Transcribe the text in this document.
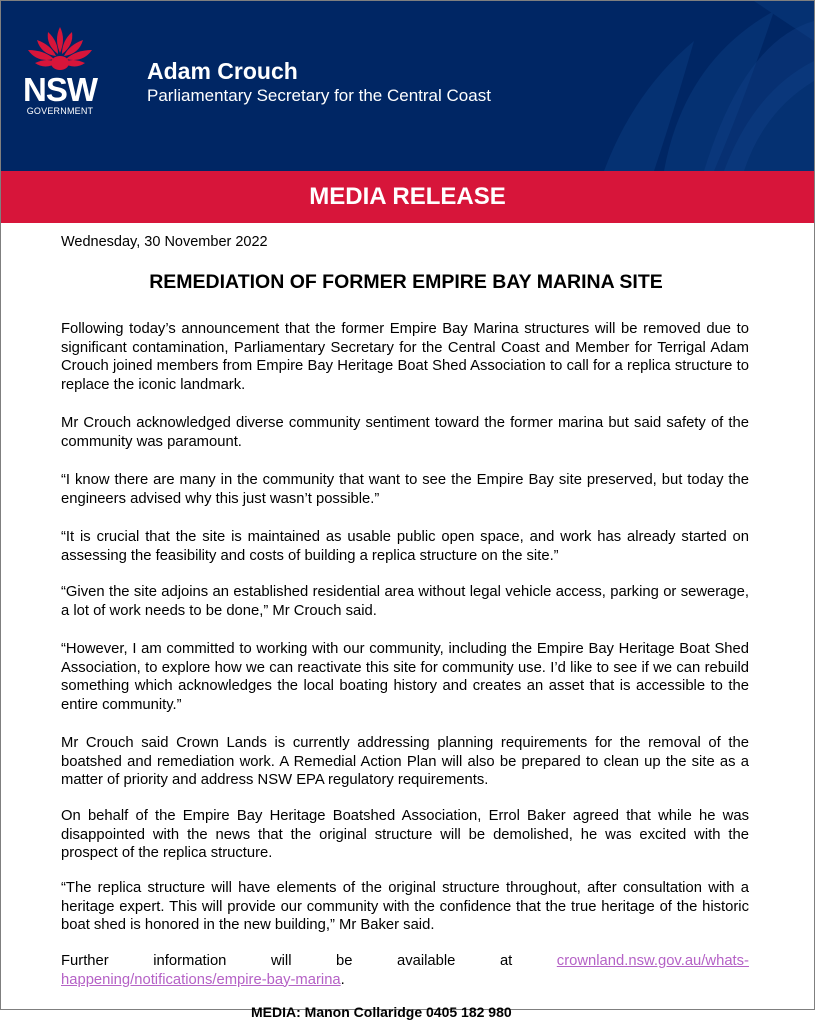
NSW
GOVERNMENT
Adam Crouch
Parliamentary Secretary for the Central Coast
MEDIA RELEASE
Wednesday, 30 November 2022
REMEDIATION OF FORMER EMPIRE BAY MARINA SITE
Following today’s announcement that the former Empire Bay Marina structures will be removed due to significant contamination, Parliamentary Secretary for the Central Coast and Member for Terrigal Adam Crouch joined members from Empire Bay Heritage Boat Shed Association to call for a replica structure to replace the iconic landmark.
Mr Crouch acknowledged diverse community sentiment toward the former marina but said safety of the community was paramount.
“I know there are many in the community that want to see the Empire Bay site preserved, but today the engineers advised why this just wasn’t possible.”
“It is crucial that the site is maintained as usable public open space, and work has already started on assessing the feasibility and costs of building a replica structure on the site.”
“Given the site adjoins an established residential area without legal vehicle access, parking or sewerage, a lot of work needs to be done,” Mr Crouch said.
“However, I am committed to working with our community, including the Empire Bay Heritage Boat Shed Association, to explore how we can reactivate this site for community use. I’d like to see if we can rebuild something which acknowledges the local boating history and creates an asset that is accessible to the entire community.”
Mr Crouch said Crown Lands is currently addressing planning requirements for the removal of the boatshed and remediation work. A Remedial Action Plan will also be prepared to clean up the site as a matter of priority and address NSW EPA regulatory requirements.
On behalf of the Empire Bay Heritage Boatshed Association, Errol Baker agreed that while he was disappointed with the news that the original structure will be demolished, he was excited with the prospect of the replica structure.
“The replica structure will have elements of the original structure throughout, after consultation with a heritage expert. This will provide our community with the confidence that the true heritage of the historic boat shed is honored in the new building,” Mr Baker said.
Further	information	will	be	available	at	crownland.nsw.gov.au/whats-
happening/notifications/empire-bay-marina.
MEDIA: Manon Collaridge 0405 182 980
